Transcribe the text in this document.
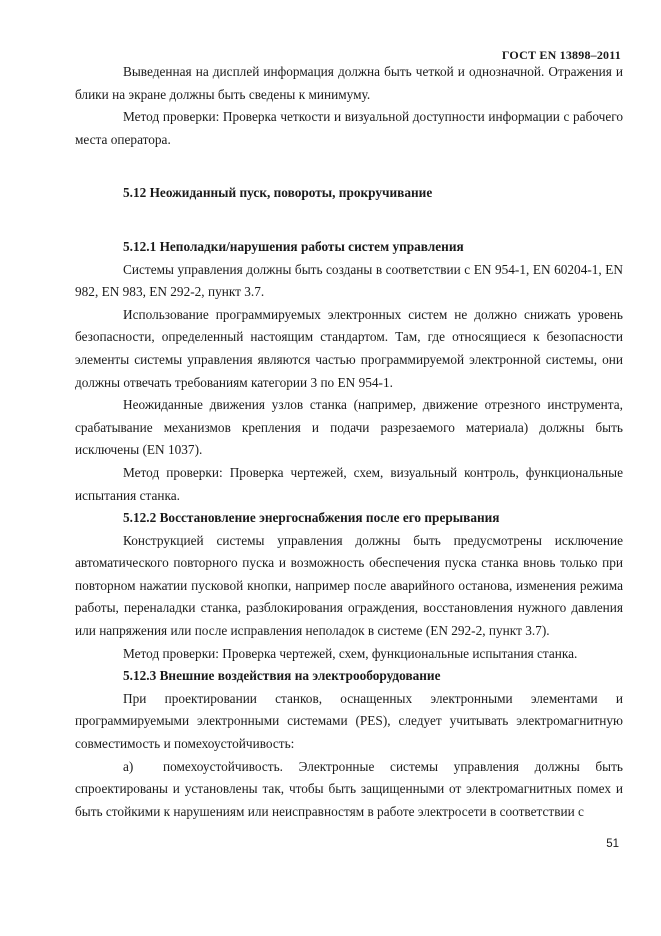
ГОСТ EN 13898–2011

Выведенная на дисплей информация должна быть четкой и однозначной. Отражения и блики на экране должны быть сведены к минимуму.

Метод проверки: Проверка четкости и визуальной доступности информации с рабочего места оператора.

5.12 Неожиданный пуск, повороты, прокручивание
5.12.1 Неполадки/нарушения работы систем управления

Системы управления должны быть созданы в соответствии с EN 954-1, EN 60204-1, EN 982, EN 983, EN 292-2, пункт 3.7.

Использование программируемых электронных систем не должно снижать уровень безопасности, определенный настоящим стандартом. Там, где относящиеся к безопасности элементы системы управления являются частью программируемой электронной системы, они должны отвечать требованиям категории 3 по EN 954-1.

Неожиданные движения узлов станка (например, движение отрезного инструмента, срабатывание механизмов крепления и подачи разрезаемого материала) должны быть исключены (EN 1037).

Метод проверки: Проверка чертежей, схем, визуальный контроль, функциональные испытания станка.

5.12.2 Восстановление энергоснабжения после его прерывания

Конструкцией системы управления должны быть предусмотрены исключение автоматического повторного пуска и возможность обеспечения пуска станка вновь только при повторном нажатии пусковой кнопки, например после аварийного останова, изменения режима работы, переналадки станка, разблокирования ограждения, восстановления нужного давления или напряжения или после исправления неполадок в системе (EN 292-2, пункт 3.7).

Метод проверки: Проверка чертежей, схем, функциональные испытания станка.

5.12.3 Внешние воздействия на электрооборудование

При проектировании станков, оснащенных электронными элементами и программируемыми электронными системами (PES), следует учитывать электромагнитную совместимость и помехоустойчивость:

а) помехоустойчивость. Электронные системы управления должны быть спроектированы и установлены так, чтобы быть защищенными от электромагнитных помех и быть стойкими к нарушениям или неисправностям в работе электросети в соответствии с

51
